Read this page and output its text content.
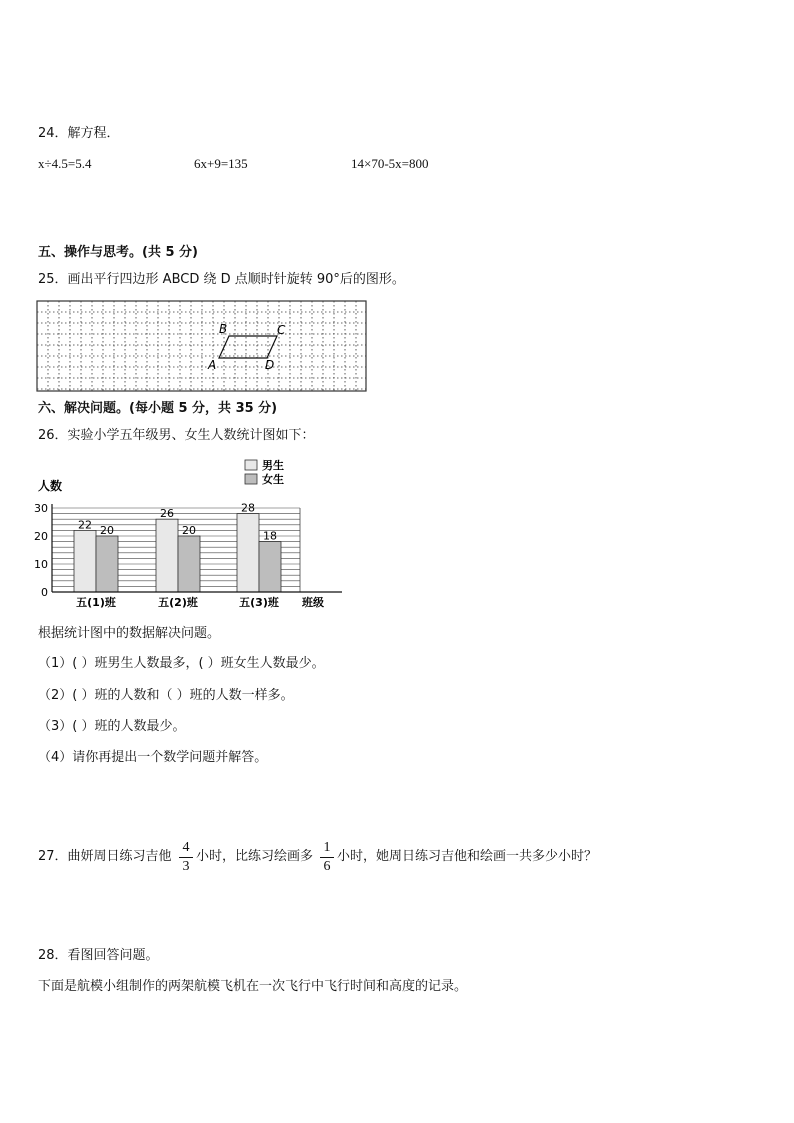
24．解方程．
x÷4.5=5.4	6x+9=135	14×70-5x=800
五、操作与思考。(共 5 分)
25．画出平行四边形 ABCD 绕 D 点顺时针旋转 90°后的图形。
B	C
A	D
六、解决问题。(每小题 5 分，共 35 分)
26．实验小学五年级男、女生人数统计图如下：
0
10
20
30
22 20
五(1)班
26
20
五(2)班
28
18
五(3)班
男生
女生
人数
班级
根据统计图中的数据解决问题。
（1）( ）班男生人数最多，( ）班女生人数最少。
（2）( ）班的人数和（ ）班的人数一样多。
（3）( ）班的人数最少。
（4）请你再提出一个数学问题并解答。
27．曲妍周日练习吉他
4
3
小时，比练习绘画多
1
6
小时，她周日练习吉他和绘画一共多少小时？
28．看图回答问题。
下面是航模小组制作的两架航模飞机在一次飞行中飞行时间和高度的记录。
